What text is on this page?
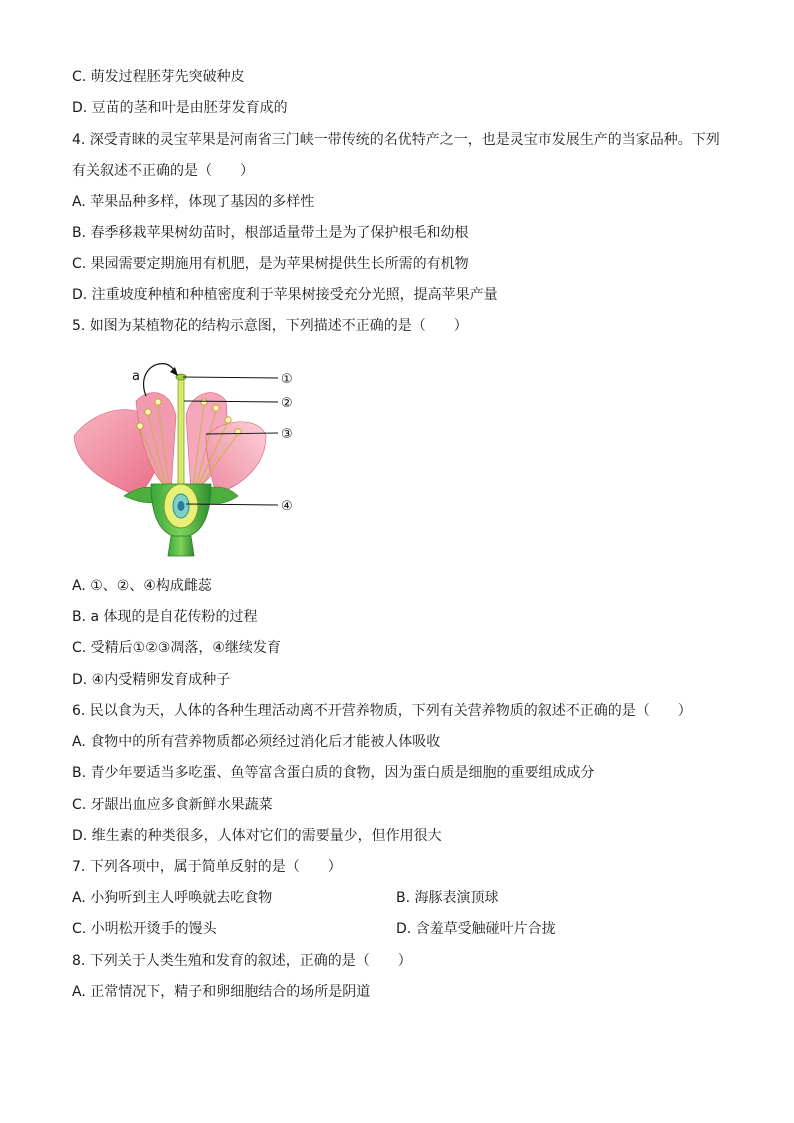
C. 萌发过程胚芽先突破种皮
D. 豆苗的茎和叶是由胚芽发育成的
4. 深受青睐的灵宝苹果是河南省三门峡一带传统的名优特产之一，也是灵宝市发展生产的当家品种。下列
有关叙述不正确的是（　　）
A. 苹果品种多样，体现了基因的多样性
B. 春季移栽苹果树幼苗时，根部适量带土是为了保护根毛和幼根
C. 果园需要定期施用有机肥，是为苹果树提供生长所需的有机物
D. 注重坡度种植和种植密度利于苹果树接受充分光照，提高苹果产量
5. 如图为某植物花的结构示意图，下列描述不正确的是（　　）
a	①
②
③
④
A. ①、②、④构成雌蕊
B. a 体现的是自花传粉的过程
C. 受精后①②③凋落，④继续发育
D. ④内受精卵发育成种子
6. 民以食为天，人体的各种生理活动离不开营养物质，下列有关营养物质的叙述不正确的是（　　）
A. 食物中的所有营养物质都必须经过消化后才能被人体吸收
B. 青少年要适当多吃蛋、鱼等富含蛋白质的食物，因为蛋白质是细胞的重要组成成分
C. 牙龈出血应多食新鲜水果蔬菜
D. 维生素的种类很多，人体对它们的需要量少，但作用很大
7. 下列各项中，属于简单反射的是（　　）
A. 小狗听到主人呼唤就去吃食物	B. 海豚表演顶球
C. 小明松开烫手的馒头	D. 含羞草受触碰叶片合拢
8. 下列关于人类生殖和发育的叙述，正确的是（　　）
A. 正常情况下，精子和卵细胞结合的场所是阴道
